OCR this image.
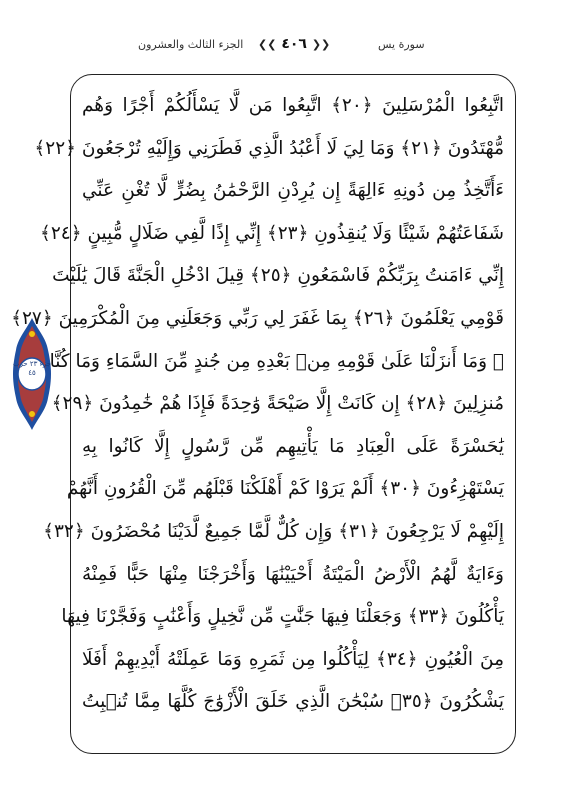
الجزء الثالث والعشرون	❮❮ ٤٠٦ ❯❯	سورة يس
جزء ٢٣ حزب ٤٥
اتَّبِعُوا الْمُرْسَلِينَ ﴿٢٠﴾ اتَّبِعُوا مَن لَّا يَسْأَلُكُمْ أَجْرًا وَهُم
مُّهْتَدُونَ ﴿٢١﴾ وَمَا لِيَ لَا أَعْبُدُ الَّذِي فَطَرَنِي وَإِلَيْهِ تُرْجَعُونَ ﴿٢٢﴾
ءَأَتَّخِذُ مِن دُونِهِ ءَالِهَةً إِن يُرِدْنِ الرَّحْمَٰنُ بِضُرٍّ لَّا تُغْنِ عَنِّي
شَفَاعَتُهُمْ شَيْئًا وَلَا يُنقِذُونِ ﴿٢٣﴾ إِنِّي إِذًا لَّفِي ضَلَالٍ مُّبِينٍ ﴿٢٤﴾
إِنِّي ءَامَنتُ بِرَبِّكُمْ فَاسْمَعُونِ ﴿٢٥﴾ قِيلَ ادْخُلِ الْجَنَّةَ قَالَ يَٰلَيْتَ
قَوْمِي يَعْلَمُونَ ﴿٢٦﴾ بِمَا غَفَرَ لِي رَبِّي وَجَعَلَنِي مِنَ الْمُكْرَمِينَ ﴿٢٧﴾
۞ وَمَا أَنزَلْنَا عَلَىٰ قَوْمِهِ مِنۢ بَعْدِهِ مِن جُندٍ مِّنَ السَّمَاءِ وَمَا كُنَّا
مُنزِلِينَ ﴿٢٨﴾ إِن كَانَتْ إِلَّا صَيْحَةً وَٰحِدَةً فَإِذَا هُمْ خَٰمِدُونَ ﴿٢٩﴾
يَٰحَسْرَةً عَلَى الْعِبَادِ مَا يَأْتِيهِم مِّن رَّسُولٍ إِلَّا كَانُوا بِهِ
يَسْتَهْزِءُونَ ﴿٣٠﴾ أَلَمْ يَرَوْا كَمْ أَهْلَكْنَا قَبْلَهُم مِّنَ الْقُرُونِ أَنَّهُمْ
إِلَيْهِمْ لَا يَرْجِعُونَ ﴿٣١﴾ وَإِن كُلٌّ لَّمَّا جَمِيعٌ لَّدَيْنَا مُحْضَرُونَ ﴿٣٢﴾
وَءَايَةٌ لَّهُمُ الْأَرْضُ الْمَيْتَةُ أَحْيَيْنَٰهَا وَأَخْرَجْنَا مِنْهَا حَبًّا فَمِنْهُ
يَأْكُلُونَ ﴿٣٣﴾ وَجَعَلْنَا فِيهَا جَنَّٰتٍ مِّن نَّخِيلٍ وَأَعْنَٰبٍ وَفَجَّرْنَا فِيهَا
مِنَ الْعُيُونِ ﴿٣٤﴾ لِيَأْكُلُوا مِن ثَمَرِهِ وَمَا عَمِلَتْهُ أَيْدِيهِمْ أَفَلَا
يَشْكُرُونَ ﴿٣٥﴾ سُبْحَٰنَ الَّذِي خَلَقَ الْأَزْوَٰجَ كُلَّهَا مِمَّا تُنۢبِتُ
